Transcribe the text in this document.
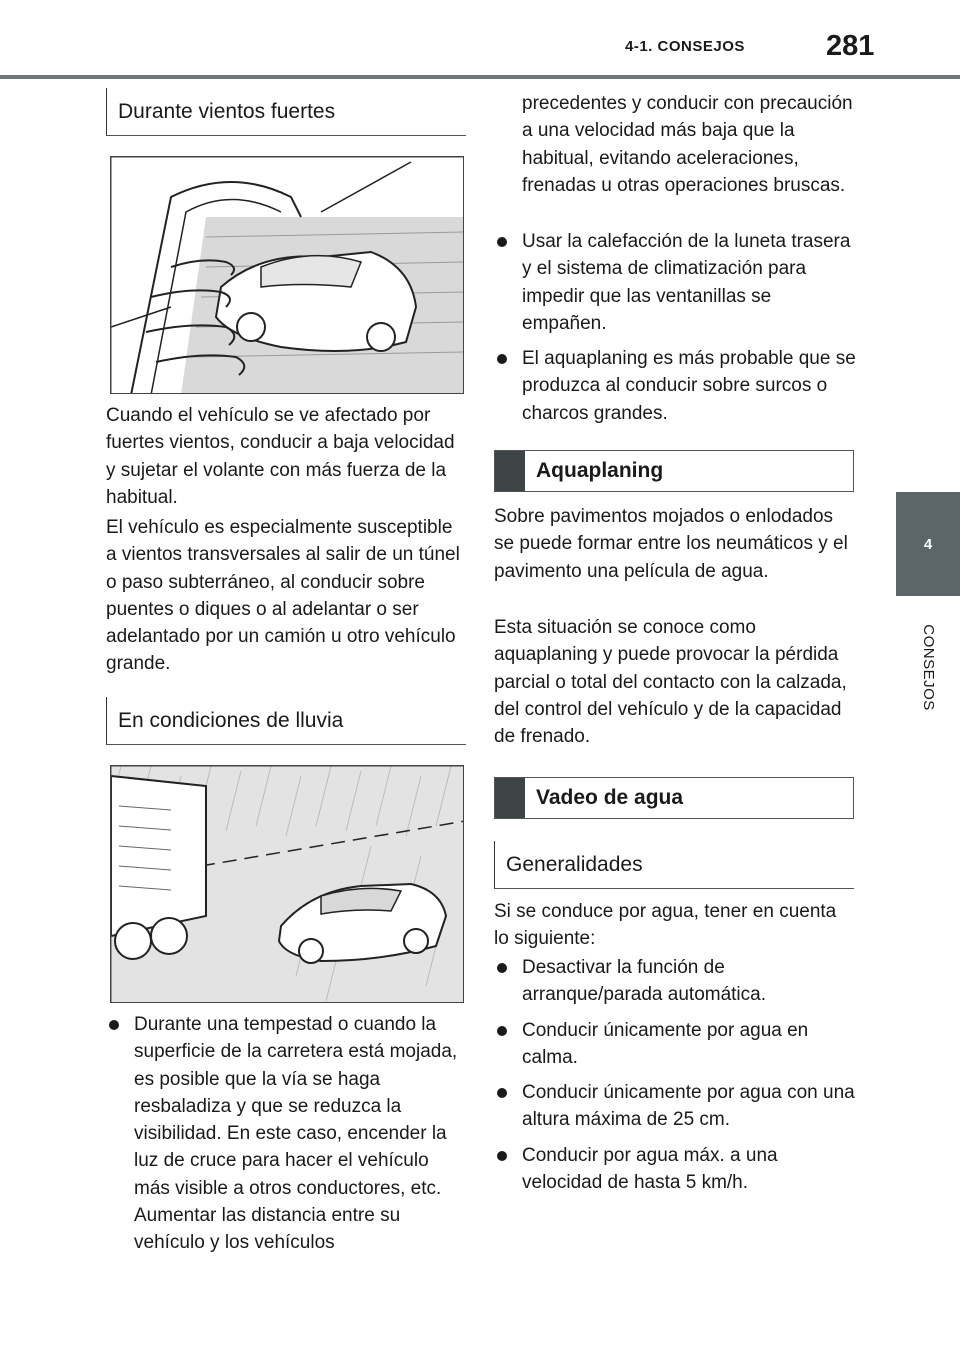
4-1. CONSEJOS	281
4
CONSEJOS
Durante vientos fuertes

Cuando el vehículo se ve afectado por fuertes vientos, conducir a baja velocidad y sujetar el volante con más fuerza de la habitual.

El vehículo es especialmente susceptible a vientos transversales al salir de un túnel o paso subterráneo, al conducir sobre puentes o diques o al adelantar o ser adelantado por un camión u otro vehículo grande.

En condiciones de lluvia
Durante una tempestad o cuando la superficie de la carretera está mojada, es posible que la vía se haga resbaladiza y que se reduzca la visibilidad. En este caso, encender la luz de cruce para hacer el vehículo más visible a otros conductores, etc. Aumentar las distancia entre su vehículo y los vehículos

precedentes y conducir con precaución a una velocidad más baja que la habitual, evitando aceleraciones, frenadas u otras operaciones bruscas.

Usar la calefacción de la luneta trasera y el sistema de climatización para impedir que las ventanillas se empañen.
El aquaplaning es más probable que se produzca al conducir sobre surcos o charcos grandes.
Aquaplaning

Sobre pavimentos mojados o enlodados se puede formar entre los neumáticos y el pavimento una película de agua.

Esta situación se conoce como aquaplaning y puede provocar la pérdida parcial o total del contacto con la calzada, del control del vehículo y de la capacidad de frenado.

Vadeo de agua
Generalidades

Si se conduce por agua, tener en cuenta lo siguiente:

Desactivar la función de arranque/parada automática.
Conducir únicamente por agua en calma.
Conducir únicamente por agua con una altura máxima de 25 cm.
Conducir por agua máx. a una velocidad de hasta 5 km/h.
